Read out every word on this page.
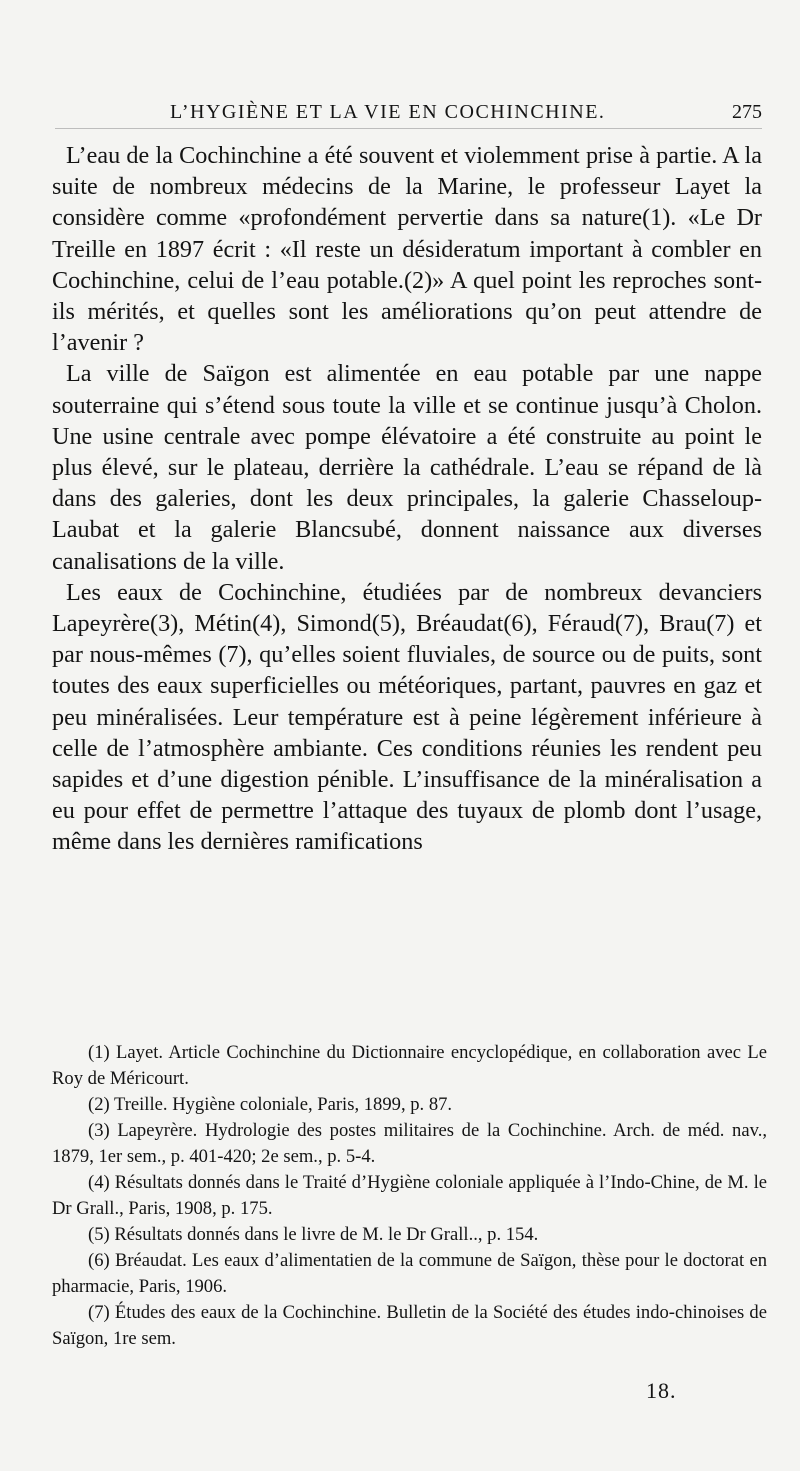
L’HYGIÈNE ET LA VIE EN COCHINCHINE.	275

L’eau de la Cochinchine a été souvent et violemment prise à partie. A la suite de nombreux médecins de la Marine, le professeur Layet la considère comme «profondément pervertie dans sa nature(1). «Le Dr Treille en 1897 écrit : «Il reste un désideratum important à combler en Cochinchine, celui de l’eau potable.(2)» A quel point les reproches sont-ils mérités, et quelles sont les améliorations qu’on peut attendre de l’avenir ?

La ville de Saïgon est alimentée en eau potable par une nappe souterraine qui s’étend sous toute la ville et se continue jusqu’à Cholon. Une usine centrale avec pompe élévatoire a été construite au point le plus élevé, sur le plateau, derrière la cathédrale. L’eau se répand de là dans des galeries, dont les deux principales, la galerie Chasseloup-Laubat et la galerie Blancsubé, donnent naissance aux diverses canalisations de la ville.

Les eaux de Cochinchine, étudiées par de nombreux devanciers Lapeyrère(3), Métin(4), Simond(5), Bréaudat(6), Féraud(7), Brau(7) et par nous-mêmes (7), qu’elles soient fluviales, de source ou de puits, sont toutes des eaux superficielles ou météoriques, partant, pauvres en gaz et peu minéralisées. Leur température est à peine légèrement inférieure à celle de l’atmosphère ambiante. Ces conditions réunies les rendent peu sapides et d’une digestion pénible. L’insuffisance de la minéralisation a eu pour effet de permettre l’attaque des tuyaux de plomb dont l’usage, même dans les dernières ramifications

(1) Layet. Article Cochinchine du Dictionnaire encyclopédique, en collaboration avec Le Roy de Méricourt.

(2) Treille. Hygiène coloniale, Paris, 1899, p. 87.

(3) Lapeyrère. Hydrologie des postes militaires de la Cochinchine. Arch. de méd. nav., 1879, 1er sem., p. 401-420; 2e sem., p. 5-4.

(4) Résultats donnés dans le Traité d’Hygiène coloniale appliquée à l’Indo-Chine, de M. le Dr Grall., Paris, 1908, p. 175.

(5) Résultats donnés dans le livre de M. le Dr Grall.., p. 154.

(6) Bréaudat. Les eaux d’alimentatien de la commune de Saïgon, thèse pour le doctorat en pharmacie, Paris, 1906.

(7) Études des eaux de la Cochinchine. Bulletin de la Société des études indo-chinoises de Saïgon, 1re sem.

18.
